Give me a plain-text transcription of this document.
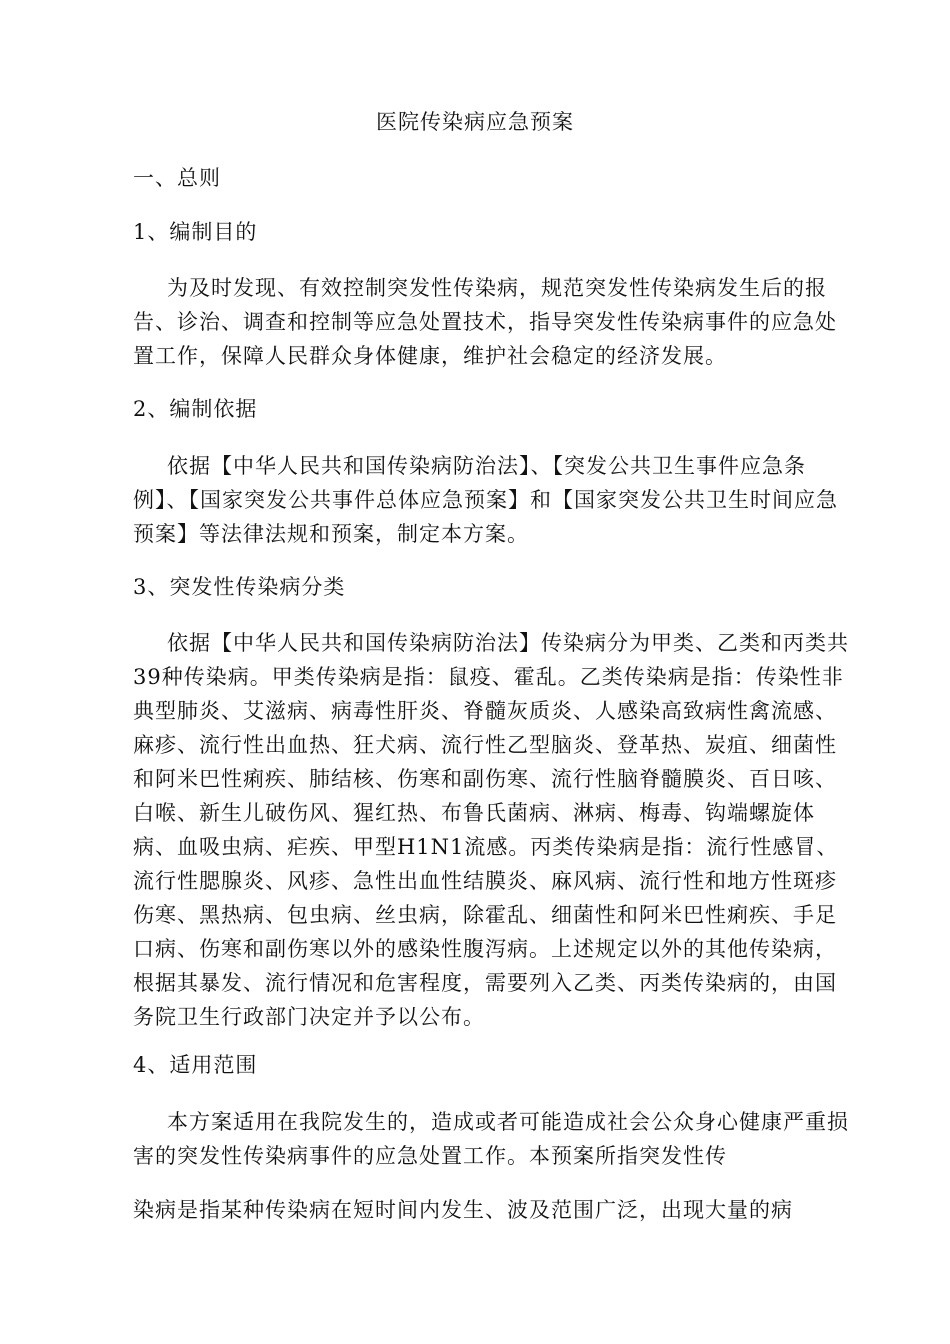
医院传染病应急预案
一、总则
1、编制目的
为及时发现、有效控制突发性传染病，规范突发性传染病发生后的报告、诊治、调查和控制等应急处置技术，指导突发性传染病事件的应急处置工作，保障人民群众身体健康，维护社会稳定的经济发展。
2、编制依据
依据【中华人民共和国传染病防治法】、【突发公共卫生事件应急条例】、【国家突发公共事件总体应急预案】和【国家突发公共卫生时间应急预案】等法律法规和预案，制定本方案。
3、突发性传染病分类
依据【中华人民共和国传染病防治法】传染病分为甲类、乙类和丙类共39种传染病。甲类传染病是指：鼠疫、霍乱。乙类传染病是指：传染性非典型肺炎、艾滋病、病毒性肝炎、脊髓灰质炎、人感染高致病性禽流感、麻疹、流行性出血热、狂犬病、流行性乙型脑炎、登革热、炭疽、细菌性和阿米巴性痢疾、肺结核、伤寒和副伤寒、流行性脑脊髓膜炎、百日咳、白喉、新生儿破伤风、猩红热、布鲁氏菌病、淋病、梅毒、钩端螺旋体病、血吸虫病、疟疾、甲型H1N1流感。丙类传染病是指：流行性感冒、流行性腮腺炎、风疹、急性出血性结膜炎、麻风病、流行性和地方性斑疹伤寒、黑热病、包虫病、丝虫病，除霍乱、细菌性和阿米巴性痢疾、手足口病、伤寒和副伤寒以外的感染性腹泻病。上述规定以外的其他传染病，根据其暴发、流行情况和危害程度，需要列入乙类、丙类传染病的，由国务院卫生行政部门决定并予以公布。
4、适用范围
本方案适用在我院发生的，造成或者可能造成社会公众身心健康严重损害的突发性传染病事件的应急处置工作。本预案所指突发性传
染病是指某种传染病在短时间内发生、波及范围广泛，出现大量的病
